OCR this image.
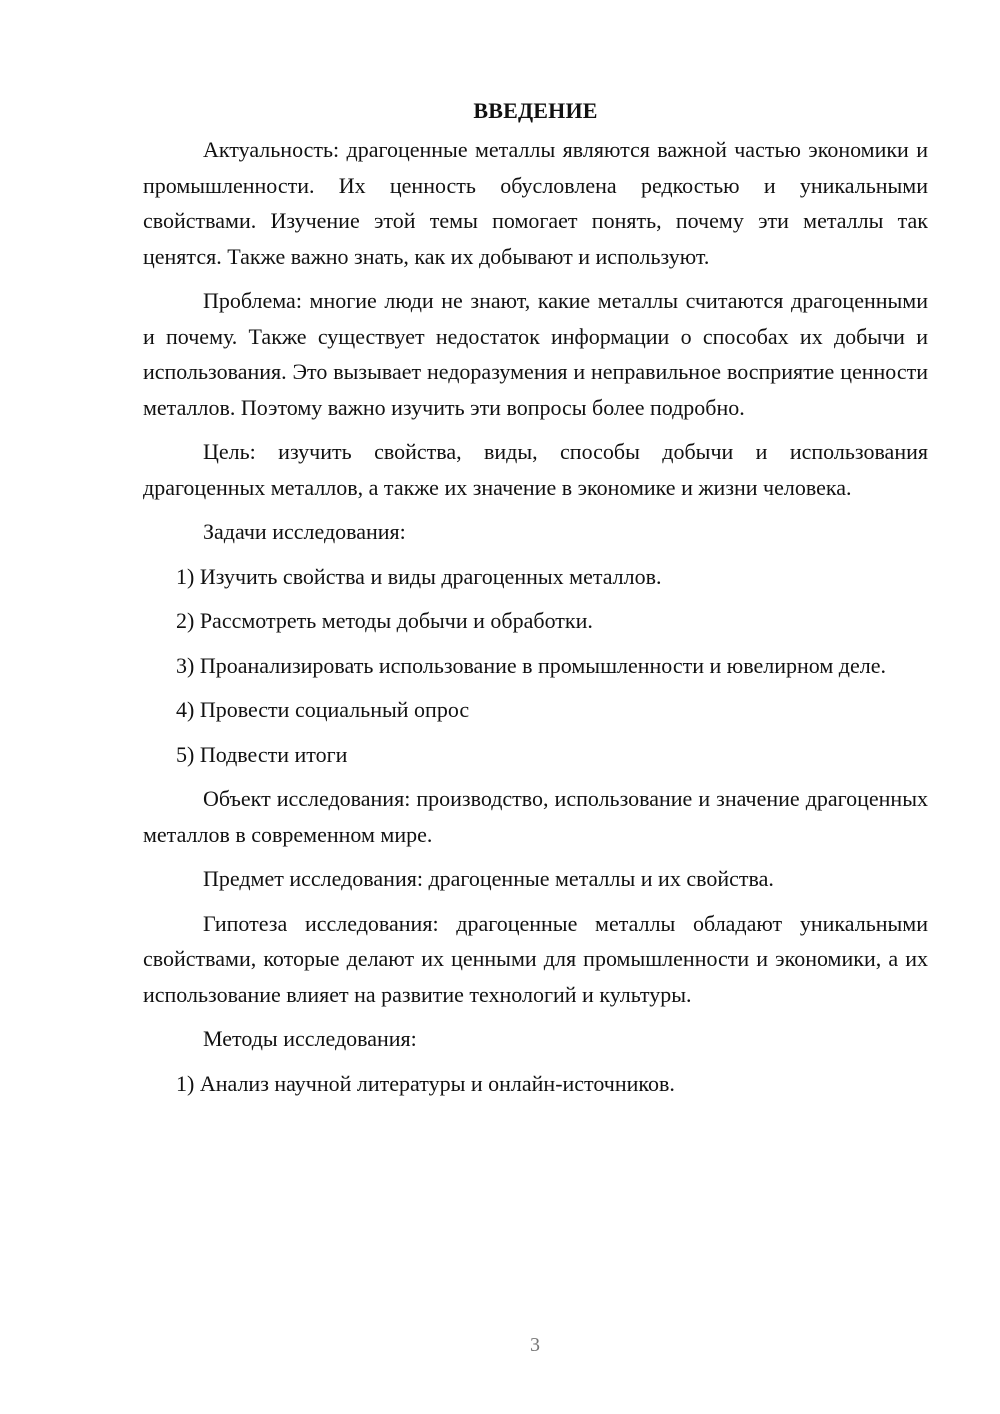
ВВЕДЕНИЕ

Актуальность: драгоценные металлы являются важной частью экономики и промышленности. Их ценность обусловлена редкостью и уникальными свойствами. Изучение этой темы помогает понять, почему эти металлы так ценятся. Также важно знать, как их добывают и используют.

Проблема: многие люди не знают, какие металлы считаются драгоценными и почему. Также существует недостаток информации о способах их добычи и использования. Это вызывает недоразумения и неправильное восприятие ценности металлов. Поэтому важно изучить эти вопросы более подробно.

Цель: изучить свойства, виды, способы добычи и использования драгоценных металлов, а также их значение в экономике и жизни человека.

Задачи исследования:

1) Изучить свойства и виды драгоценных металлов.

2) Рассмотреть методы добычи и обработки.

3) Проанализировать использование в промышленности и ювелирном деле.

4) Провести социальный опрос

5) Подвести итоги

Объект исследования: производство, использование и значение драгоценных металлов в современном мире.

Предмет исследования: драгоценные металлы и их свойства.

Гипотеза исследования: драгоценные металлы обладают уникальными свойствами, которые делают их ценными для промышленности и экономики, а их использование влияет на развитие технологий и культуры.

Методы исследования:

1) Анализ научной литературы и онлайн-источников.

3
